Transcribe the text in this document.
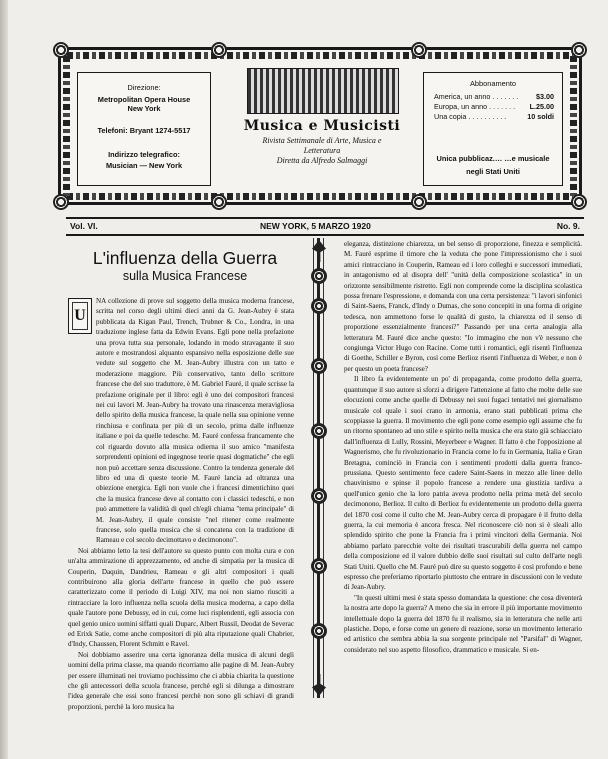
Direzione:
Metropolitan Opera House
New York
Telefoni: Bryant 1274-5517
Indirizzo telegrafico:
Musician — New York
Musica e Musicisti
Rivista Settimanale di Arte, Musica e
Letteratura
Diretta da Alfredo Salmaggi
Abbonamento
America, un anno . . . . . . . $3.00
Europa, un anno . . . . . . . L.25.00
Una copia . . . . . . . . . .	10 soldi
Unica pubblicaz.… …e musicale
negli Stati Uniti
Vol. VI.	NEW YORK, 5 MARZO 1920	No. 9.
L'influenza della Guerra
sulla Musica Francese
U

NA collezione di prove sul soggetto della musica moderna francese, scritta nel corso degli ultimi dieci anni da G. Jean-Aubry è stata pubblicata da Kigan Paul, Trench, Trubner & Co., Londra, in una traduzione inglese fatta da Edwin Evans. Egli pone nella prefazione una prova tutta sua personale, lodando in modo stravagante il suo autore e mostrandosi alquanto espansivo nella esposizione delle sue vedute sul soggetto che M. Jean-Aubry illustra con un tatto e moderazione maggiore. Più conservativo, tanto dello scrittore francese che del suo traduttore, è M. Gabriel Fauré, il quale scrisse la prefazione originale per il libro: egli è uno dei compositori francesi nei cui lavori M. Jean-Aubry ha trovato una rinascenza meravigliosa dello spirito della musica francese, la quale nella sua opinione venne rinchiusa e confinata per più di un secolo, prima dalle influenze italiane e poi da quelle tedesche. M. Fauré confessa francamente che col riguardo dovuto alla musica odierna il suo amico "manifesta sorprendenti opinioni ed ingegnose teorie quasi dogmatiche" che egli non può accettare senza discussione. Contro la tendenza generale del libro ed una di queste teorie M. Fauré lancia ad oltranza una obiezione energica. Egli non vuole che i francesi dimentichino quei che la musica francese deve al contatto con i classici tedeschi, e non può ammettere la validità di quel ch'egli chiama "tema principale" di M. Jean-Aubry, il quale consiste "nel ritener come realmente francese, solo quella musica che si concatena con la tradizione di Rameau e col secolo decimottavo e decimonono".

Noi abbiamo letto la tesi dell'autore su questo punto con molta cura e con un'alta ammirazione di apprezzamento, ed anche di simpatia per la musica di Couperin, Daquin, Dandrieu, Rameau e gli altri compositori i quali contribuirono alla gloria dell'arte francese in quello che può essere caratterizzato come il periodo di Luigi XIV, ma noi non siamo riusciti a rintracciare la loro influenza nella scuola della musica moderna, a capo della quale l'autore pone Debussy, ed in cui, come luci risplendenti, egli associa con quel genio unico uomini siffatti quali Duparc, Albert Russil, Deodat de Severac ed Erixk Satie, come anche compositori di più alta riputazione quali Chabrier, d'Indy, Chaussen, Florent Schmitt e Ravel.

Noi dobbiamo asserire una certa ignoranza della musica di alcuni degli uomini della prima classe, ma quando ricorriamo alle pagine di M. Jean-Aubry per essere illuminati nei troviamo pochissimo che ci abbia chiarita la questione che gli antecessori della scuola francese, perchè egli si dilunga a dimostrare l'idea generale che essi sono francesi perchè non sono gli schiavi di grandi proporzioni, perchè la loro musica ha

eleganza, distinzione chiarezza, un bel senso di proporzione, finezza e semplicità. M. Fauré esprime il timore che la veduta che pone l'impressionismo che i suoi amici rintracciano in Couperin, Rameau ed i loro colleghi e successori immediati, in antagonismo ed al disopra dell' "unità della composizione scolastica" in un orizzonte sensibilmente ristretto. Egli non comprende come la disciplina scolastica possa frenare l'espressione, e domanda con una certa persistenza: "i lavori sinfonici di Saint-Saens, Franck, d'Indy o Dumas, che sono concepiti in una forma di origine tedesca, non ammettono forse le qualità di gusto, la chiarezza ed il senso di proporzione essenzialmente francesi?" Passando per una certa analogia alla letteratura M. Fauré dice anche questo: "Io immagino che non v'è nessuno che congiunga Victor Hugo con Racine. Come tutti i romantici, egli risentì l'influenza di Goethe, Schiller e Byron, così come Berlioz risentì l'influenza di Weber, e non è per questo un poeta francese?

Il libro fa evidentemente un po' di propaganda, come prodotto della guerra, quantunque il suo autore si sforzi a dirigere l'attenzione al fatto che molte delle sue elocuzioni come anche quelle di Debussy nei suoi fugaci tentativi nei giornalismo musicale col quale i suoi crano in armonia, erano stati pubblicati prima che scoppiasse la guerra. Il movimento che egli pone come esempio egli assume che fu un ritorno spontaneo ad uno stile e spirito nella musica che era stato già schiacciato dall'influenza di Lully, Rossini, Meyerbeer e Wagner. Il fatto è che l'opposizione al Wagnerismo, che fu rivoluzionario in Francia come lo fu in Germania, Italia e Gran Bretagna, cominciò in Francia con i sentimenti prodotti dalla guerra franco-prussiana. Questo sentimento fece cadere Saint-Saens in mezzo alle linee dello chauvinismo e spinse il popolo francese a rendere una giustizia tardiva a quell'unico genio che la loro patria aveva prodotto nella prima metà del secolo decimonono, Berlioz. Il culto di Berlioz fu evidentemente un prodotto della guerra del 1870 così come il culto che M. Jean-Aubry cerca di propagare è il frutto della guerra, la cui memoria è ancora fresca. Nel riconoscere ciò non si è sleali allo splendido spirito che pone la Francia fra i primi vincitori della Germania. Noi abbiamo parlato parecchie volte dei risultati trascurabili della guerra nel campo della composizione ed il valore dubbio delle suoi risultati sul culto dell'arte negli Stati Uniti. Quello che M. Fauré può dire su questo soggetto è così profondo e bene espresso che preferiamo riportarlo piuttosto che entrare in discussioni con le vedute di Jean-Aubry.

"In questi ultimi mesi è stata spesso domandata la questione: che cosa diventerà la nostra arte dopo la guerra? A meno che sia in errore il più importante movimento intellettuale dopo la guerra del 1870 fu il realismo, sia in letteratura che nelle arti plastiche. Dopo, e forse come un genere di reazione, sorse un movimento letterario ed artistico che sembra abbia la sua sorgente principale nel "Parsifal" di Wagner, considerato nel suo aspetto filosofico, drammatico e musicale. Si en-
